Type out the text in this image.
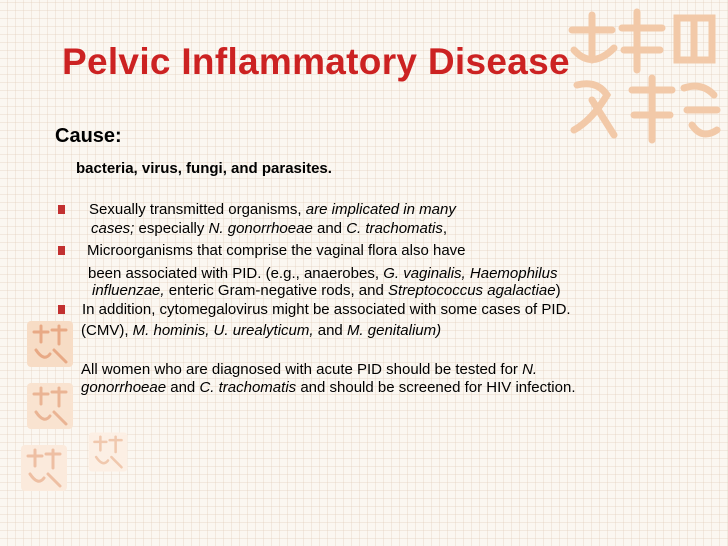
Pelvic Inflammatory Disease
Cause:
bacteria, virus, fungi, and parasites.
Sexually transmitted organisms, are implicated in many
cases; especially N. gonorrhoeae and C. trachomatis,
Microorganisms that comprise the vaginal flora also have
been associated with PID. (e.g., anaerobes, G. vaginalis, Haemophilus
influenzae, enteric Gram-negative rods, and Streptococcus agalactiae)
In addition, cytomegalovirus might be associated with some cases of PID.
(CMV), M. hominis, U. urealyticum, and M. genitalium)
All women who are diagnosed with acute PID should be tested for N.
gonorrhoeae and C. trachomatis and should be screened for HIV infection.
